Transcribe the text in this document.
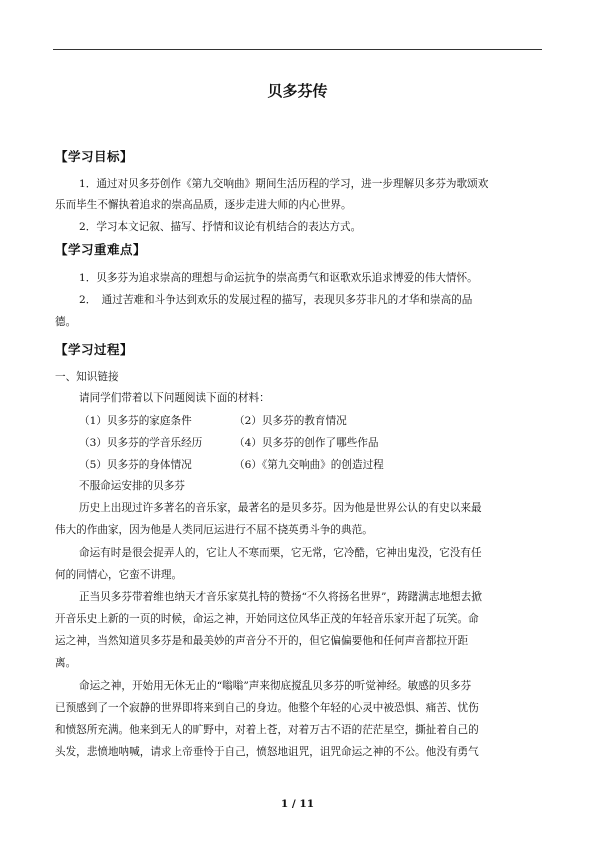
贝多芬传
【学习目标】
1．通过对贝多芬创作《第九交响曲》期间生活历程的学习，进一步理解贝多芬为歌颂欢
乐而毕生不懈执着追求的崇高品质，逐步走进大师的内心世界。
2．学习本文记叙、描写、抒情和议论有机结合的表达方式。
【学习重难点】
1．贝多芬为追求崇高的理想与命运抗争的崇高勇气和讴歌欢乐追求博爱的伟大情怀。
2．　通过苦难和斗争达到欢乐的发展过程的描写，表现贝多芬非凡的才华和崇高的品
德。
【学习过程】
一、知识链接
请同学们带着以下问题阅读下面的材料：
（1）贝多芬的家庭条件	（2）贝多芬的教育情况
（3）贝多芬的学音乐经历	（4）贝多芬的创作了哪些作品
（5）贝多芬的身体情况	（6）《第九交响曲》的创造过程
不服命运安排的贝多芬
历史上出现过许多著名的音乐家，最著名的是贝多芬。因为他是世界公认的有史以来最
伟大的作曲家，因为他是人类同厄运进行不屈不挠英勇斗争的典范。
命运有时是很会捉弄人的，它让人不寒而栗，它无常，它冷酷，它神出鬼没，它没有任
何的同情心，它蛮不讲理。
正当贝多芬带着维也纳天才音乐家莫扎特的赞扬“不久将扬名世界”，踌躇满志地想去掀
开音乐史上新的一页的时候，命运之神，开始同这位风华正茂的年轻音乐家开起了玩笑。命
运之神，当然知道贝多芬是和最美妙的声音分不开的，但它偏偏要他和任何声音都拉开距
离。
命运之神，开始用无休无止的“嗡嗡”声来彻底搅乱贝多芬的听觉神经。敏感的贝多芬
已预感到了一个寂静的世界即将来到自己的身边。他整个年轻的心灵中被恐惧、痛苦、忧伤
和愤怒所充满。他来到无人的旷野中，对着上苍，对着万古不语的茫茫星空，撕扯着自己的
头发，悲愤地呐喊，请求上帝垂怜于自己，愤怒地诅咒，诅咒命运之神的不公。他没有勇气
1 / 11
